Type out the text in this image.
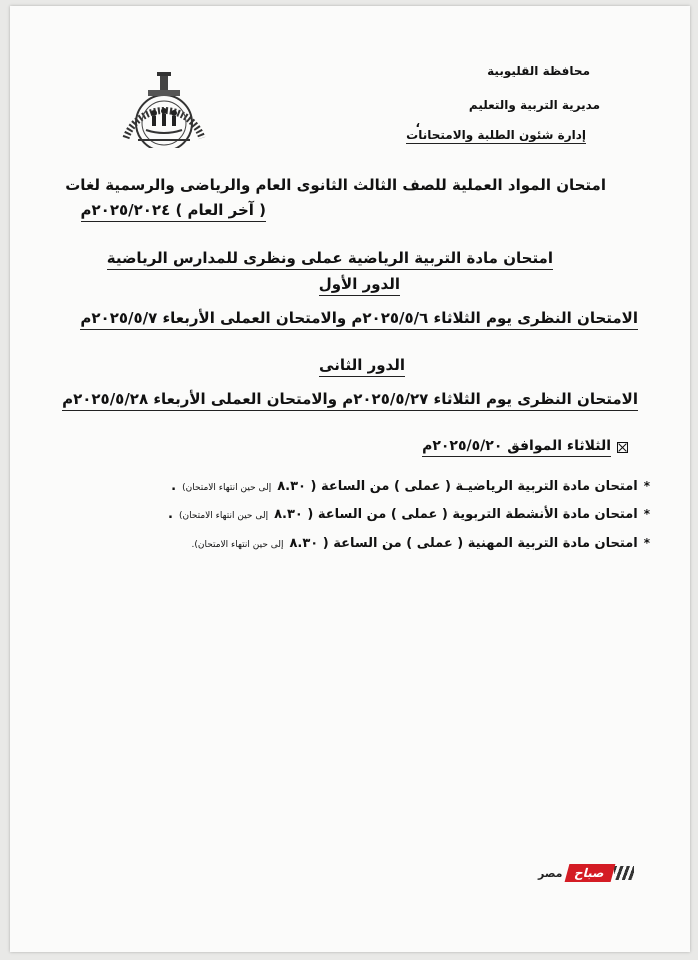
محافظة القليوبية
مديرية التربية والتعليم
إدارة شئون الطلبة والامتحانات
،
امتحان المواد العملية للصف الثالث الثانوى العام والرياضى والرسمية لغات
( آخر العام ) ٢٠٢٥/٢٠٢٤م
امتحان مادة التربية الرياضية عملى ونظرى للمدارس الرياضية
الدور الأول
الامتحان النظرى يوم الثلاثاء ٢٠٢٥/٥/٦م والامتحان العملى الأربعاء ٢٠٢٥/٥/٧م
الدور الثانى
الامتحان النظرى يوم الثلاثاء ٢٠٢٥/٥/٢٧م والامتحان العملى الأربعاء ٢٠٢٥/٥/٢٨م
الثلاثاء الموافق ٢٠٢٥/٥/٢٠م
*
امتحان مادة التربية الرياضيـة ( عملى ) من الساعة ( ٨.٣٠
إلى حين انتهاء الامتحان)
.
*
امتحان مادة الأنشطة التربوية ( عملى ) من الساعة ( ٨.٣٠
إلى حين انتهاء الامتحان)
.
*
امتحان مادة التربية المهنية ( عملى ) من الساعة ( ٨.٣٠
إلى حين انتهاء الامتحان).
مصر صباح
